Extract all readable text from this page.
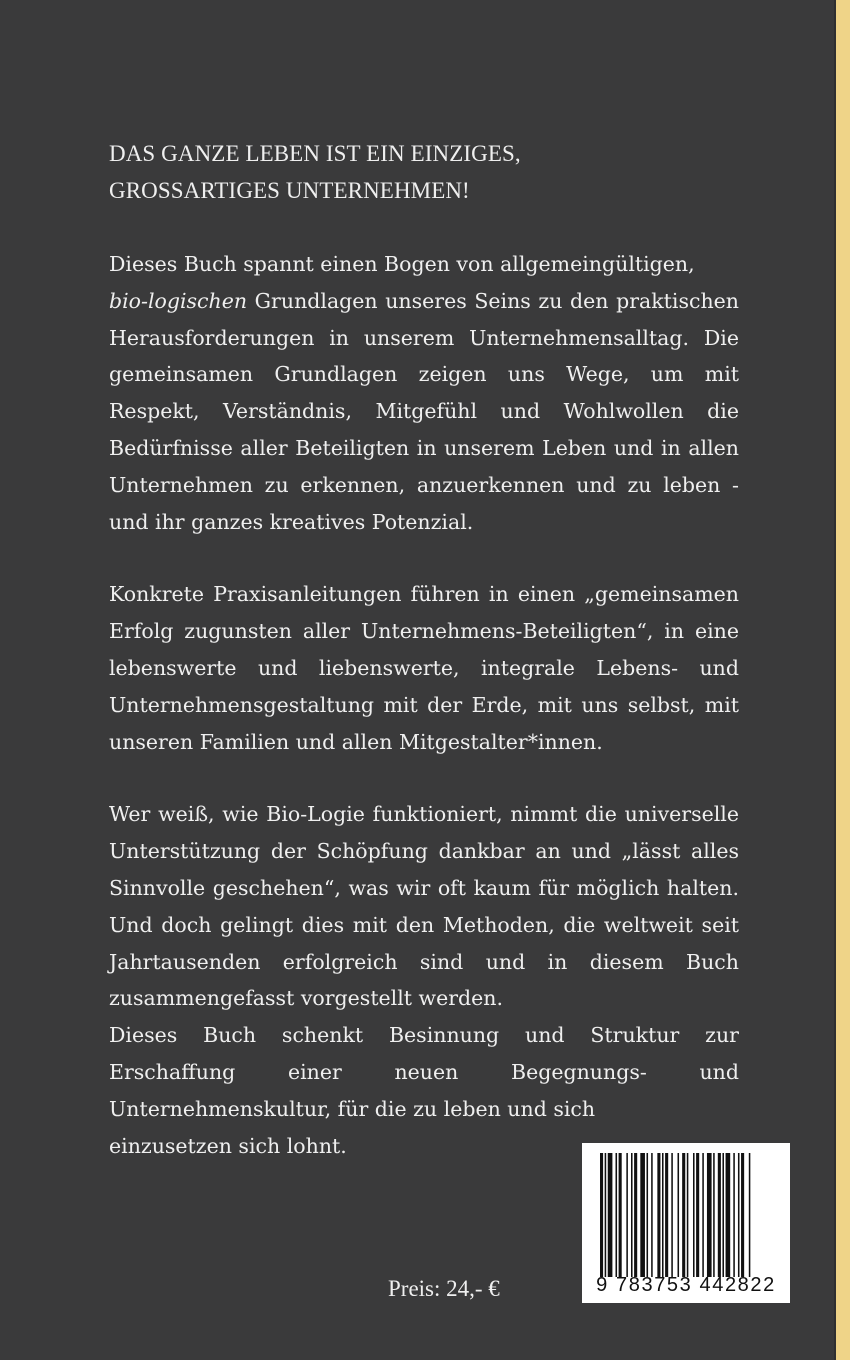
DAS GANZE LEBEN IST EIN EINZIGES,
GROSSARTIGES UNTERNEHMEN!

Dieses Buch spannt einen Bogen von allgemeingültigen,
bio-logischen Grundlagen unseres Seins zu den praktischen Herausforderungen in unserem Unternehmensalltag. Die gemeinsamen Grundlagen zeigen uns Wege, um mit Respekt, Verständnis, Mitgefühl und Wohlwollen die Bedürfnisse aller Beteiligten in unserem Leben und in allen Unternehmen zu erkennen, anzuerkennen und zu leben - und ihr ganzes kreatives Potenzial.

Konkrete Praxisanleitungen führen in einen „gemeinsamen Erfolg zugunsten aller Unternehmens-Beteiligten“, in eine lebenswerte und liebenswerte, integrale Lebens- und Unternehmensgestaltung mit der Erde, mit uns selbst, mit unseren Familien und allen Mitgestalter*innen.

Wer weiß, wie Bio-Logie funktioniert, nimmt die universelle Unterstützung der Schöpfung dankbar an und „lässt alles Sinnvolle geschehen“, was wir oft kaum für möglich halten. Und doch gelingt dies mit den Methoden, die weltweit seit Jahrtausenden erfolgreich sind und in diesem Buch zusammengefasst vorgestellt werden.

Dieses Buch schenkt Besinnung und Struktur zur Erschaffung einer neuen Begegnungs- und Unternehmenskultur, für die zu leben und sich
einzusetzen sich lohnt.

Preis: 24,- €	9 783753 442822
